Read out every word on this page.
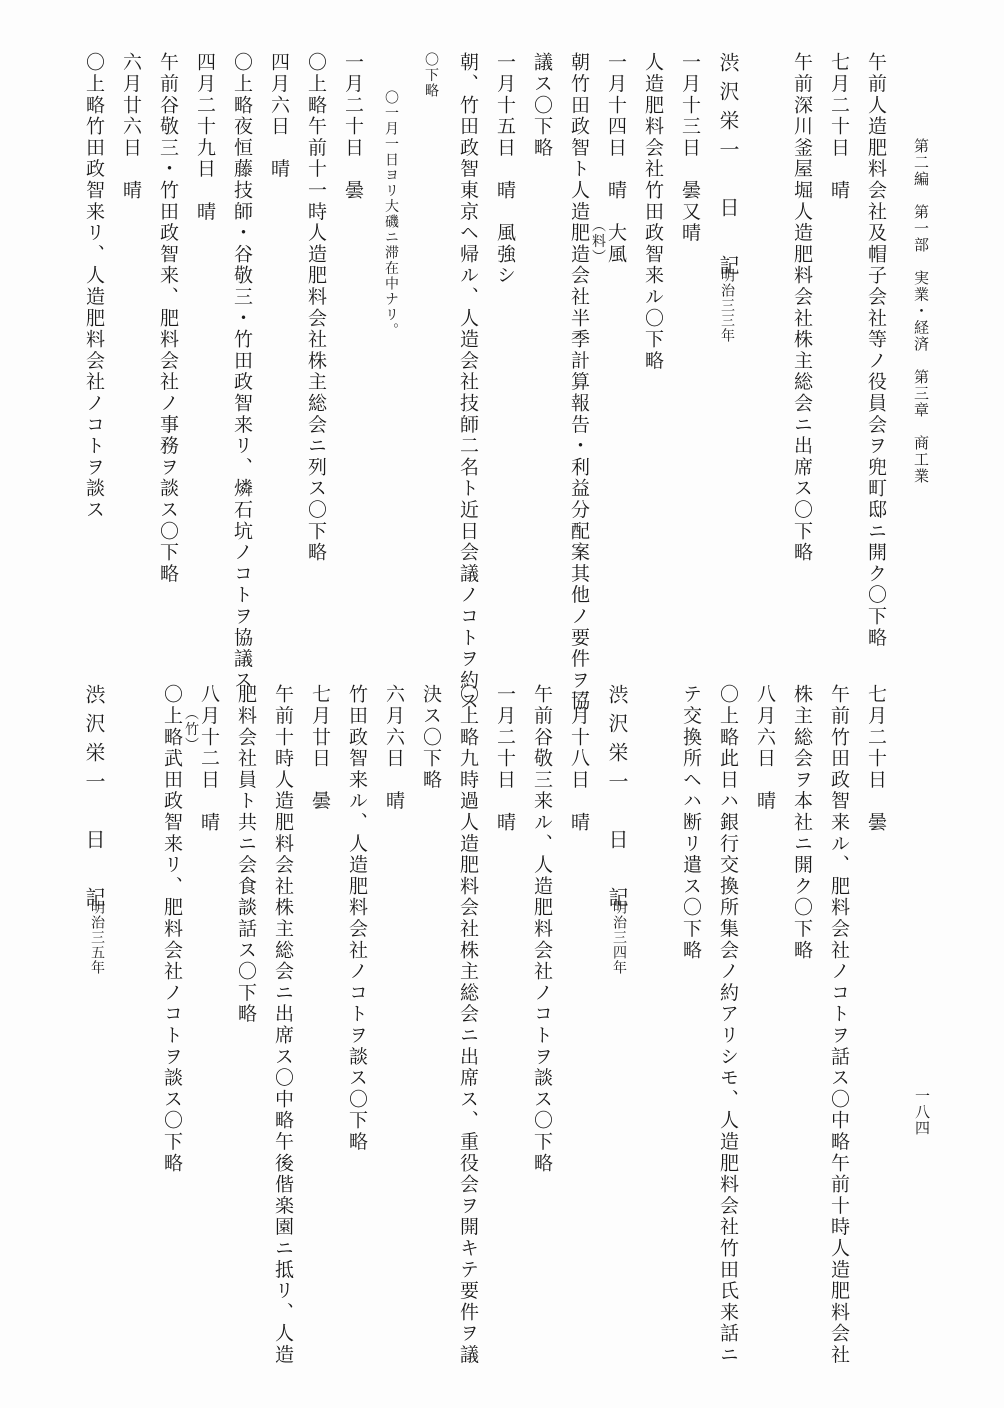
第二編　第一部　実業・経済　第三章　商工業
一八四
午前人造肥料会社及帽子会社等ノ役員会ヲ兜町邸ニ開ク〇下略
七月二十日　晴
午前深川釜屋堀人造肥料会社株主総会ニ出席ス〇下略
渋沢栄一　日　記
明治三三年
一月十三日　曇又晴
人造肥料会社竹田政智来ル〇下略
一月十四日　晴　大風
（料）
朝竹田政智ト人造肥造会社半季計算報告・利益分配案其他ノ要件ヲ協
議ス〇下略
一月十五日　晴　風強シ
朝、竹田政智東京ヘ帰ル、人造会社技師二名ト近日会議ノコトヲ約ス
〇下略
〇一月一日ヨリ大磯ニ滞在中ナリ。
一月二十日　曇
〇上略午前十一時人造肥料会社株主総会ニ列ス〇下略
四月六日　晴
〇上略夜恒藤技師・谷敬三・竹田政智来リ、燐石坑ノコトヲ協議ス
四月二十九日　晴
午前谷敬三・竹田政智来、肥料会社ノ事務ヲ談ス〇下略
六月廿六日　晴
〇上略竹田政智来リ、人造肥料会社ノコトヲ談ス
七月二十日　曇
午前竹田政智来ル、肥料会社ノコトヲ話ス〇中略午前十時人造肥料会社
株主総会ヲ本社ニ開ク〇下略
八月六日　晴
〇上略此日ハ銀行交換所集会ノ約アリシモ、人造肥料会社竹田氏来話ニ
テ交換所ヘハ断リ遣ス〇下略
渋沢栄一　日　記
明治三四年
一月十八日　晴
午前谷敬三来ル、人造肥料会社ノコトヲ談ス〇下略
一月二十日　晴
〇上略九時過人造肥料会社株主総会ニ出席ス、重役会ヲ開キテ要件ヲ議
決ス〇下略
六月六日　晴
竹田政智来ル、人造肥料会社ノコトヲ談ス〇下略
七月廿日　曇
午前十時人造肥料会社株主総会ニ出席ス〇中略午後偕楽園ニ抵リ、人造
肥料会社員ト共ニ会食談話ス〇下略
八月十二日　晴
（竹）
〇上略武田政智来リ、肥料会社ノコトヲ談ス〇下略
渋沢栄一　日　記
明治三五年
